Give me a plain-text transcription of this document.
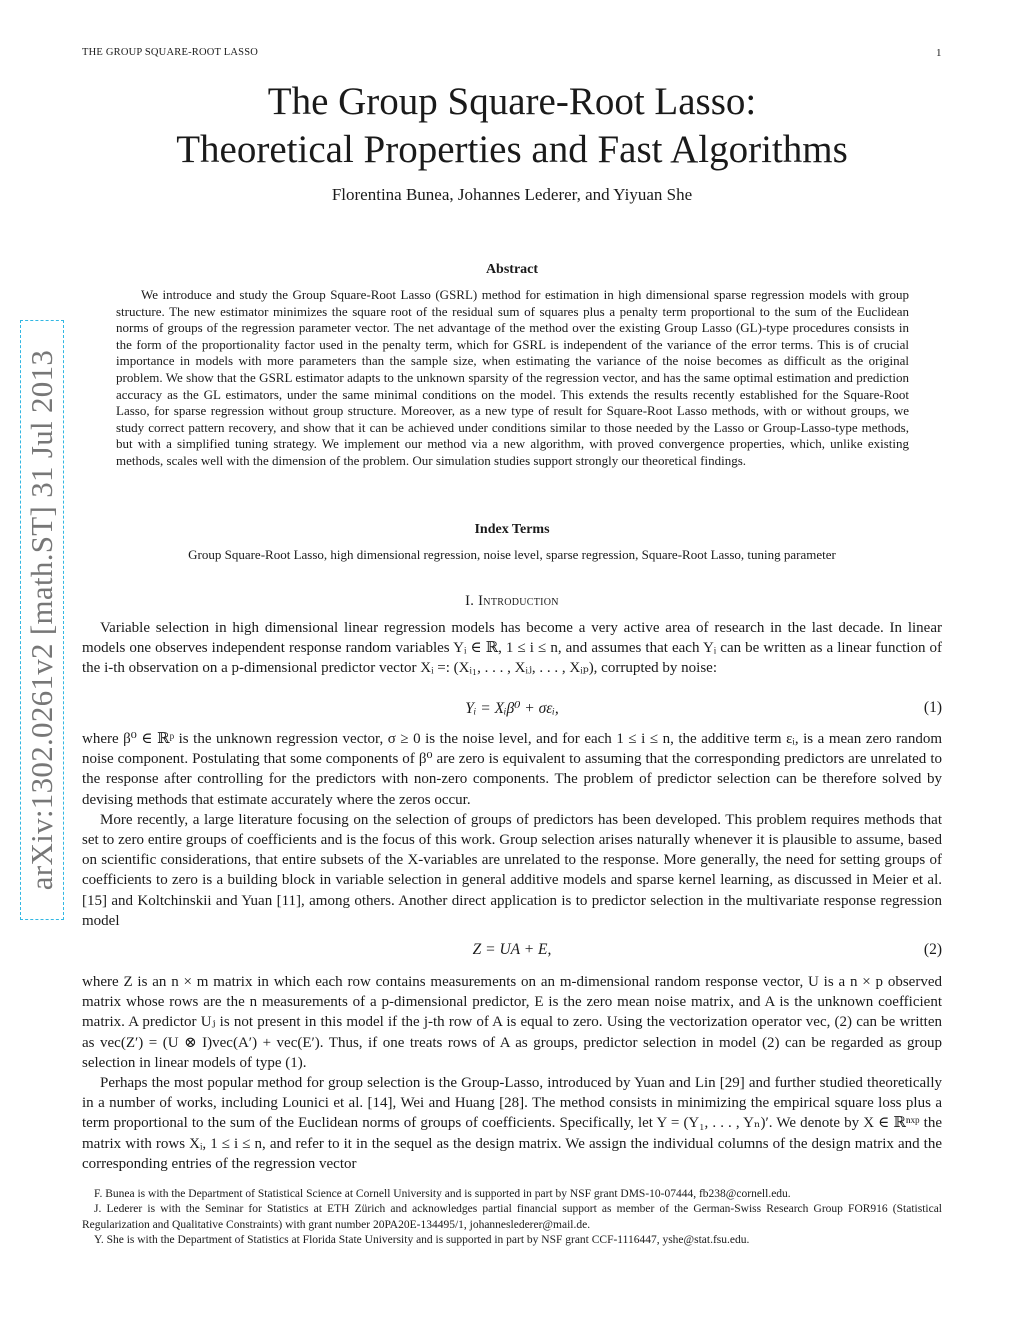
THE GROUP SQUARE-ROOT LASSO	1
arXiv:1302.0261v2 [math.ST] 31 Jul 2013
The Group Square-Root Lasso:
Theoretical Properties and Fast Algorithms
Florentina Bunea, Johannes Lederer, and Yiyuan She
Abstract

We introduce and study the Group Square-Root Lasso (GSRL) method for estimation in high dimensional sparse regression models with group structure. The new estimator minimizes the square root of the residual sum of squares plus a penalty term proportional to the sum of the Euclidean norms of groups of the regression parameter vector. The net advantage of the method over the existing Group Lasso (GL)-type procedures consists in the form of the proportionality factor used in the penalty term, which for GSRL is independent of the variance of the error terms. This is of crucial importance in models with more parameters than the sample size, when estimating the variance of the noise becomes as difficult as the original problem. We show that the GSRL estimator adapts to the unknown sparsity of the regression vector, and has the same optimal estimation and prediction accuracy as the GL estimators, under the same minimal conditions on the model. This extends the results recently established for the Square-Root Lasso, for sparse regression without group structure. Moreover, as a new type of result for Square-Root Lasso methods, with or without groups, we study correct pattern recovery, and show that it can be achieved under conditions similar to those needed by the Lasso or Group-Lasso-type methods, but with a simplified tuning strategy. We implement our method via a new algorithm, with proved convergence properties, which, unlike existing methods, scales well with the dimension of the problem. Our simulation studies support strongly our theoretical findings.

Index Terms
Group Square-Root Lasso, high dimensional regression, noise level, sparse regression, Square-Root Lasso, tuning parameter
I. Introduction

Variable selection in high dimensional linear regression models has become a very active area of research in the last decade. In linear models one observes independent response random variables Yᵢ ∈ ℝ, 1 ≤ i ≤ n, and assumes that each Yᵢ can be written as a linear function of the i-th observation on a p-dimensional predictor vector Xᵢ =: (Xᵢ₁, . . . , Xᵢⱼ, . . . , Xᵢₚ), corrupted by noise:

Yᵢ = Xᵢβ⁰ + σεᵢ,	(1)

where β⁰ ∈ ℝᵖ is the unknown regression vector, σ ≥ 0 is the noise level, and for each 1 ≤ i ≤ n, the additive term εᵢ, is a mean zero random noise component. Postulating that some components of β⁰ are zero is equivalent to assuming that the corresponding predictors are unrelated to the response after controlling for the predictors with non-zero components. The problem of predictor selection can be therefore solved by devising methods that estimate accurately where the zeros occur.

More recently, a large literature focusing on the selection of groups of predictors has been developed. This problem requires methods that set to zero entire groups of coefficients and is the focus of this work. Group selection arises naturally whenever it is plausible to assume, based on scientific considerations, that entire subsets of the X-variables are unrelated to the response. More generally, the need for setting groups of coefficients to zero is a building block in variable selection in general additive models and sparse kernel learning, as discussed in Meier et al. [15] and Koltchinskii and Yuan [11], among others. Another direct application is to predictor selection in the multivariate response regression model

Z = UA + E,	(2)

where Z is an n × m matrix in which each row contains measurements on an m-dimensional random response vector, U is a n × p observed matrix whose rows are the n measurements of a p-dimensional predictor, E is the zero mean noise matrix, and A is the unknown coefficient matrix. A predictor Uⱼ is not present in this model if the j-th row of A is equal to zero. Using the vectorization operator vec, (2) can be written as vec(Z′) = (U ⊗ I)vec(A′) + vec(E′). Thus, if one treats rows of A as groups, predictor selection in model (2) can be regarded as group selection in linear models of type (1).

Perhaps the most popular method for group selection is the Group-Lasso, introduced by Yuan and Lin [29] and further studied theoretically in a number of works, including Lounici et al. [14], Wei and Huang [28]. The method consists in minimizing the empirical square loss plus a term proportional to the sum of the Euclidean norms of groups of coefficients. Specifically, let Y = (Y₁, . . . , Yₙ)′. We denote by X ∈ ℝⁿˣᵖ the matrix with rows Xᵢ, 1 ≤ i ≤ n, and refer to it in the sequel as the design matrix. We assign the individual columns of the design matrix and the corresponding entries of the regression vector

F. Bunea is with the Department of Statistical Science at Cornell University and is supported in part by NSF grant DMS-10-07444, fb238@cornell.edu.

J. Lederer is with the Seminar for Statistics at ETH Zürich and acknowledges partial financial support as member of the German-Swiss Research Group FOR916 (Statistical Regularization and Qualitative Constraints) with grant number 20PA20E-134495/1, johanneslederer@mail.de.

Y. She is with the Department of Statistics at Florida State University and is supported in part by NSF grant CCF-1116447, yshe@stat.fsu.edu.
